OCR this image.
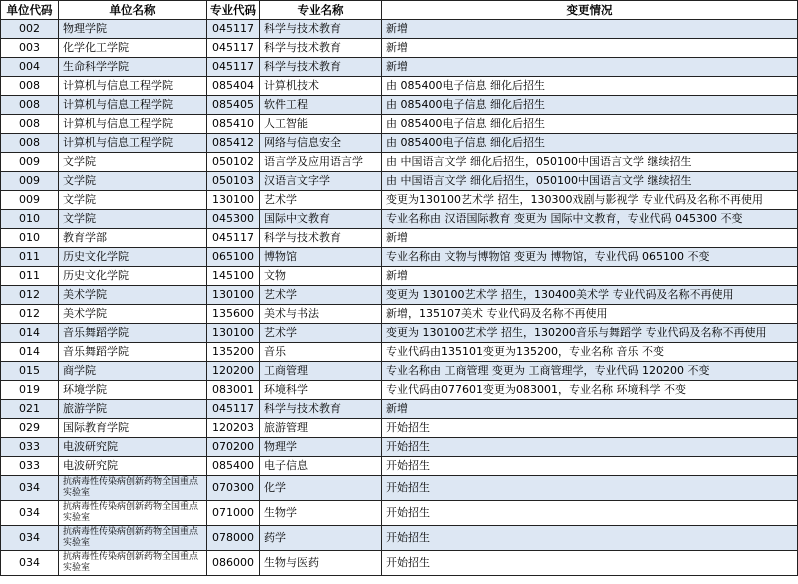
单位代码	单位名称	专业代码	专业名称	变更情况
002	物理学院	045117	科学与技术教育	新增
003	化学化工学院	045117	科学与技术教育	新增
004	生命科学学院	045117	科学与技术教育	新增
008	计算机与信息工程学院	085404	计算机技术	由 085400电子信息 细化后招生
008	计算机与信息工程学院	085405	软件工程	由 085400电子信息 细化后招生
008	计算机与信息工程学院	085410	人工智能	由 085400电子信息 细化后招生
008	计算机与信息工程学院	085412	网络与信息安全	由 085400电子信息 细化后招生
009	文学院	050102	语言学及应用语言学	由 中国语言文学 细化后招生，050100中国语言文学 继续招生
009	文学院	050103	汉语言文字学	由 中国语言文学 细化后招生，050100中国语言文学 继续招生
009	文学院	130100	艺术学	变更为130100艺术学 招生，130300戏剧与影视学 专业代码及名称不再使用
010	文学院	045300	国际中文教育	专业名称由 汉语国际教育 变更为 国际中文教育，专业代码 045300 不变
010	教育学部	045117	科学与技术教育	新增
011	历史文化学院	065100	博物馆	专业名称由 文物与博物馆 变更为 博物馆，专业代码 065100 不变
011	历史文化学院	145100	文物	新增
012	美术学院	130100	艺术学	变更为 130100艺术学 招生，130400美术学 专业代码及名称不再使用
012	美术学院	135600	美术与书法	新增，135107美术 专业代码及名称不再使用
014	音乐舞蹈学院	130100	艺术学	变更为 130100艺术学 招生，130200音乐与舞蹈学 专业代码及名称不再使用
014	音乐舞蹈学院	135200	音乐	专业代码由135101变更为135200，专业名称 音乐 不变
015	商学院	120200	工商管理	专业名称由 工商管理 变更为 工商管理学，专业代码 120200 不变
019	环境学院	083001	环境科学	专业代码由077601变更为083001，专业名称 环境科学 不变
021	旅游学院	045117	科学与技术教育	新增
029	国际教育学院	120203	旅游管理	开始招生
033	电波研究院	070200	物理学	开始招生
033	电波研究院	085400	电子信息	开始招生
034	抗病毒性传染病创新药物全国重点实验室	070300	化学	开始招生
034	抗病毒性传染病创新药物全国重点实验室	071000	生物学	开始招生
034	抗病毒性传染病创新药物全国重点实验室	078000	药学	开始招生
034	抗病毒性传染病创新药物全国重点实验室	086000	生物与医药	开始招生
